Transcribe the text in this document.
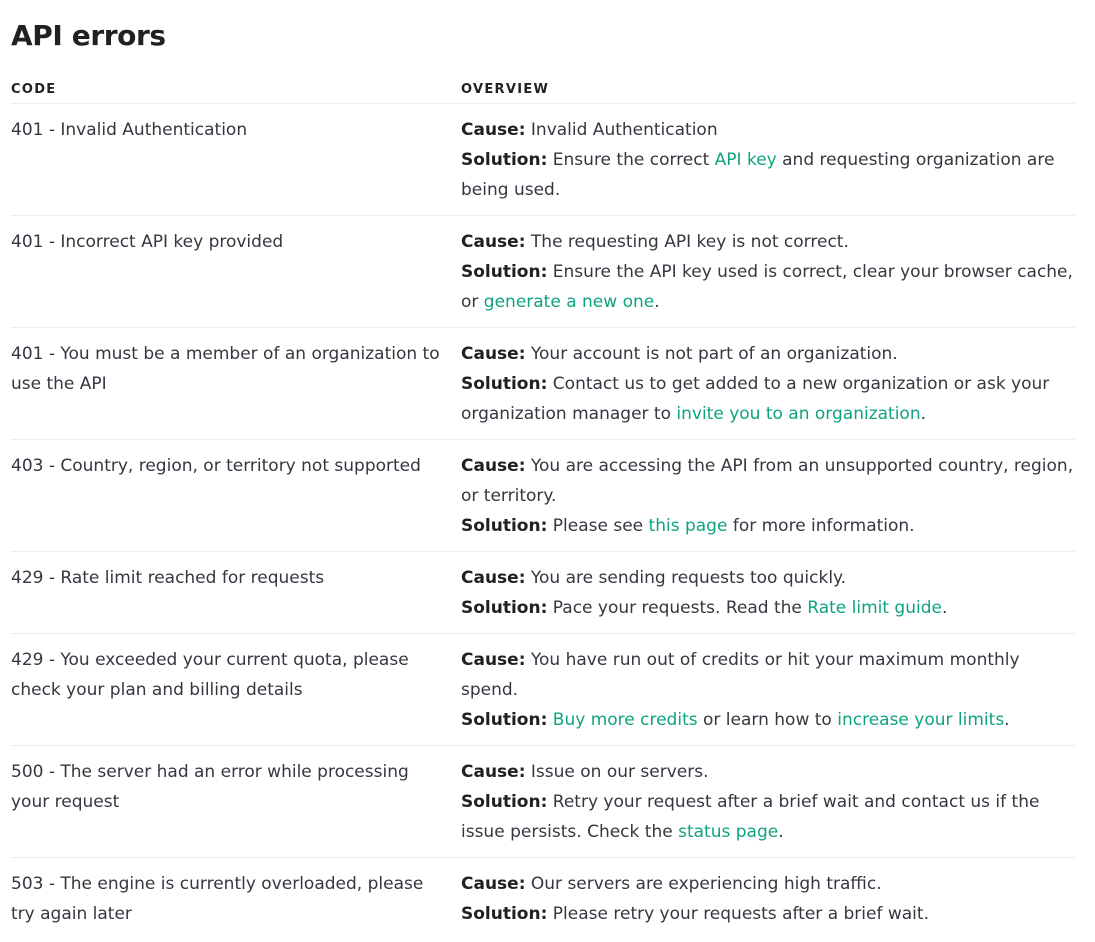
API errors
CODE	OVERVIEW
401 - Invalid Authentication	Cause: Invalid Authentication
Solution: Ensure the correct API key and requesting organization are being used.

401 - Incorrect API key provided	Cause: The requesting API key is not correct.
Solution: Ensure the API key used is correct, clear your browser cache, or generate a new one.

401 - You must be a member of an organization to use the API	Cause: Your account is not part of an organization.
Solution: Contact us to get added to a new organization or ask your organization manager to invite you to an organization.

403 - Country, region, or territory not supported	Cause: You are accessing the API from an unsupported country, region, or territory.
Solution: Please see this page for more information.

429 - Rate limit reached for requests	Cause: You are sending requests too quickly.
Solution: Pace your requests. Read the Rate limit guide.

429 - You exceeded your current quota, please check your plan and billing details	Cause: You have run out of credits or hit your maximum monthly spend.
Solution: Buy more credits or learn how to increase your limits.

500 - The server had an error while processing your request	Cause: Issue on our servers.
Solution: Retry your request after a brief wait and contact us if the issue persists. Check the status page.

503 - The engine is currently overloaded, please try again later	Cause: Our servers are experiencing high traffic.
Solution: Please retry your requests after a brief wait.
